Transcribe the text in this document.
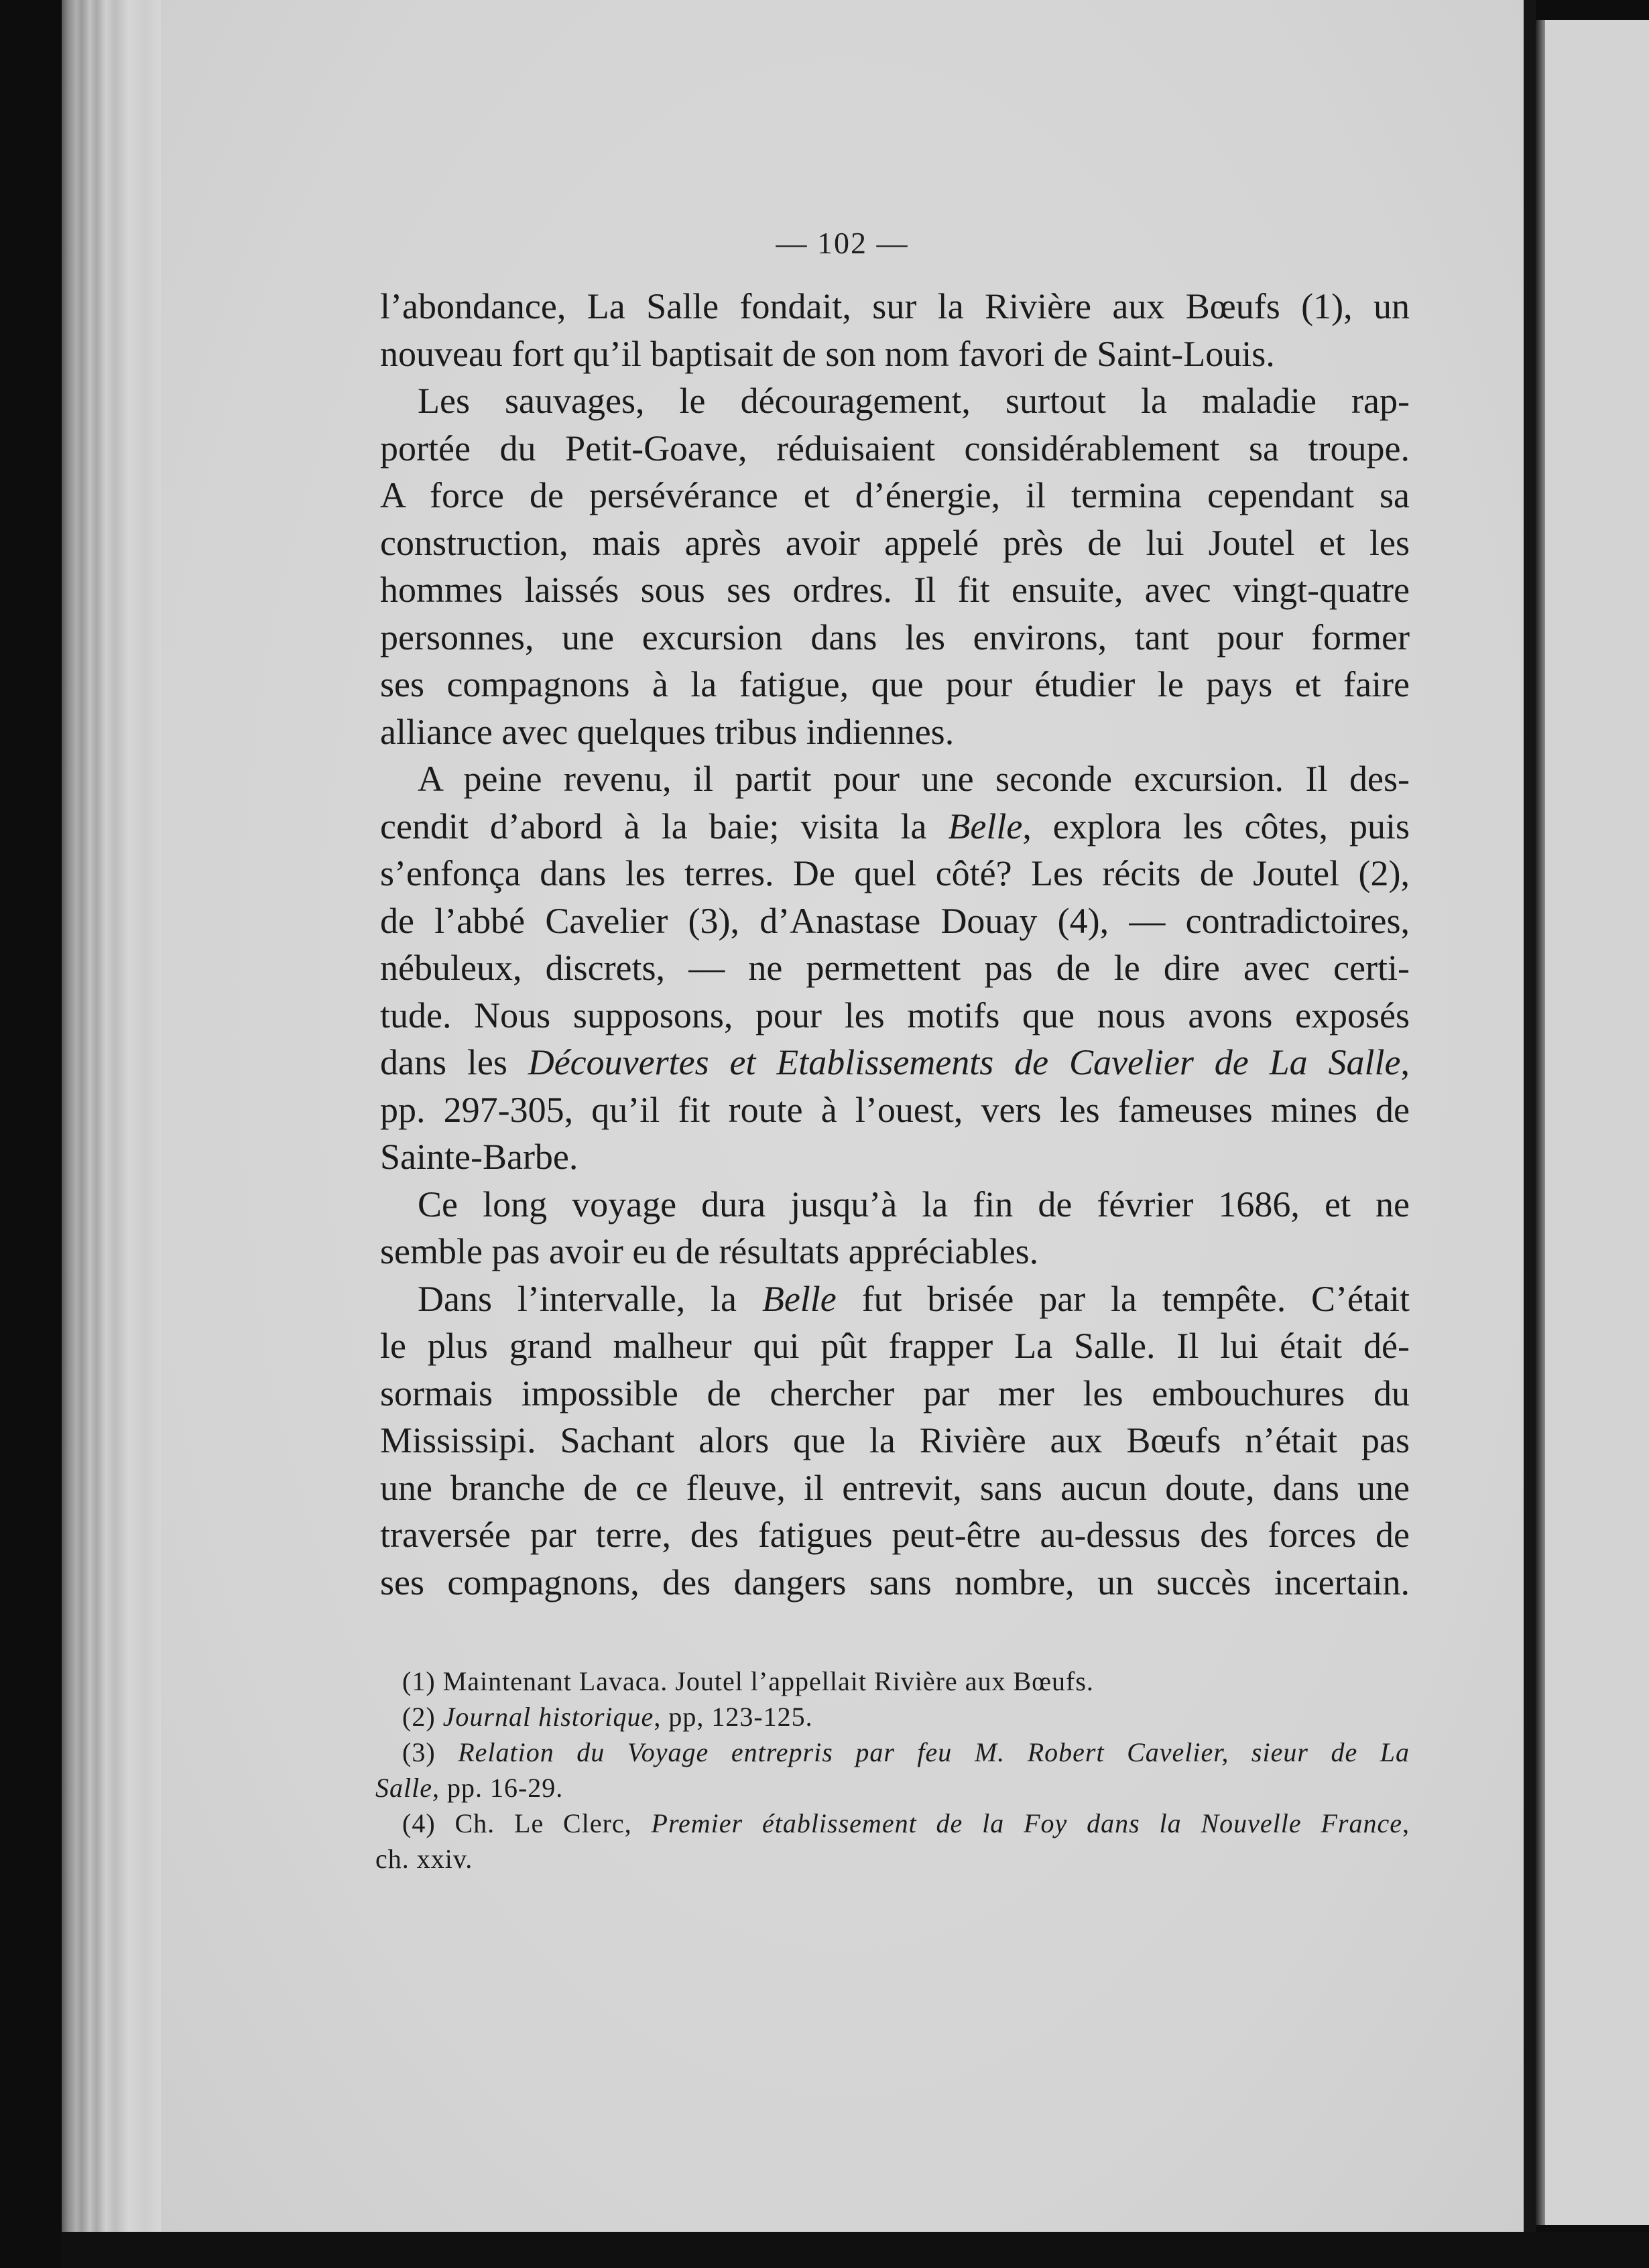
— 102 —
l’abondance, La Salle fondait, sur la Rivière aux Bœufs (1), un
nouveau fort qu’il baptisait de son nom favori de Saint-Louis.
Les sauvages, le découragement, surtout la maladie rap-
portée du Petit-Goave, réduisaient considérablement sa troupe.
A force de persévérance et d’énergie, il termina cependant sa
construction, mais après avoir appelé près de lui Joutel et les
hommes laissés sous ses ordres. Il fit ensuite, avec vingt-quatre
personnes, une excursion dans les environs, tant pour former
ses compagnons à la fatigue, que pour étudier le pays et faire
alliance avec quelques tribus indiennes.
A peine revenu, il partit pour une seconde excursion. Il des-
cendit d’abord à la baie; visita la Belle, explora les côtes, puis
s’enfonça dans les terres. De quel côté? Les récits de Joutel (2),
de l’abbé Cavelier (3), d’Anastase Douay (4), — contradictoires,
nébuleux, discrets, — ne permettent pas de le dire avec certi-
tude. Nous supposons, pour les motifs que nous avons exposés
dans les Découvertes et Etablissements de Cavelier de La Salle,
pp. 297-305, qu’il fit route à l’ouest, vers les fameuses mines de
Sainte-Barbe.
Ce long voyage dura jusqu’à la fin de février 1686, et ne
semble pas avoir eu de résultats appréciables.
Dans l’intervalle, la Belle fut brisée par la tempête. C’était
le plus grand malheur qui pût frapper La Salle. Il lui était dé-
sormais impossible de chercher par mer les embouchures du
Mississipi. Sachant alors que la Rivière aux Bœufs n’était pas
une branche de ce fleuve, il entrevit, sans aucun doute, dans une
traversée par terre, des fatigues peut-être au-dessus des forces de
ses compagnons, des dangers sans nombre, un succès incertain.
(1) Maintenant Lavaca. Joutel l’appellait Rivière aux Bœufs.
(2) Journal historique, pp, 123-125.
(3) Relation du Voyage entrepris par feu M. Robert Cavelier, sieur de La
Salle, pp. 16-29.
(4) Ch. Le Clerc, Premier établissement de la Foy dans la Nouvelle France,
ch. xxiv.
